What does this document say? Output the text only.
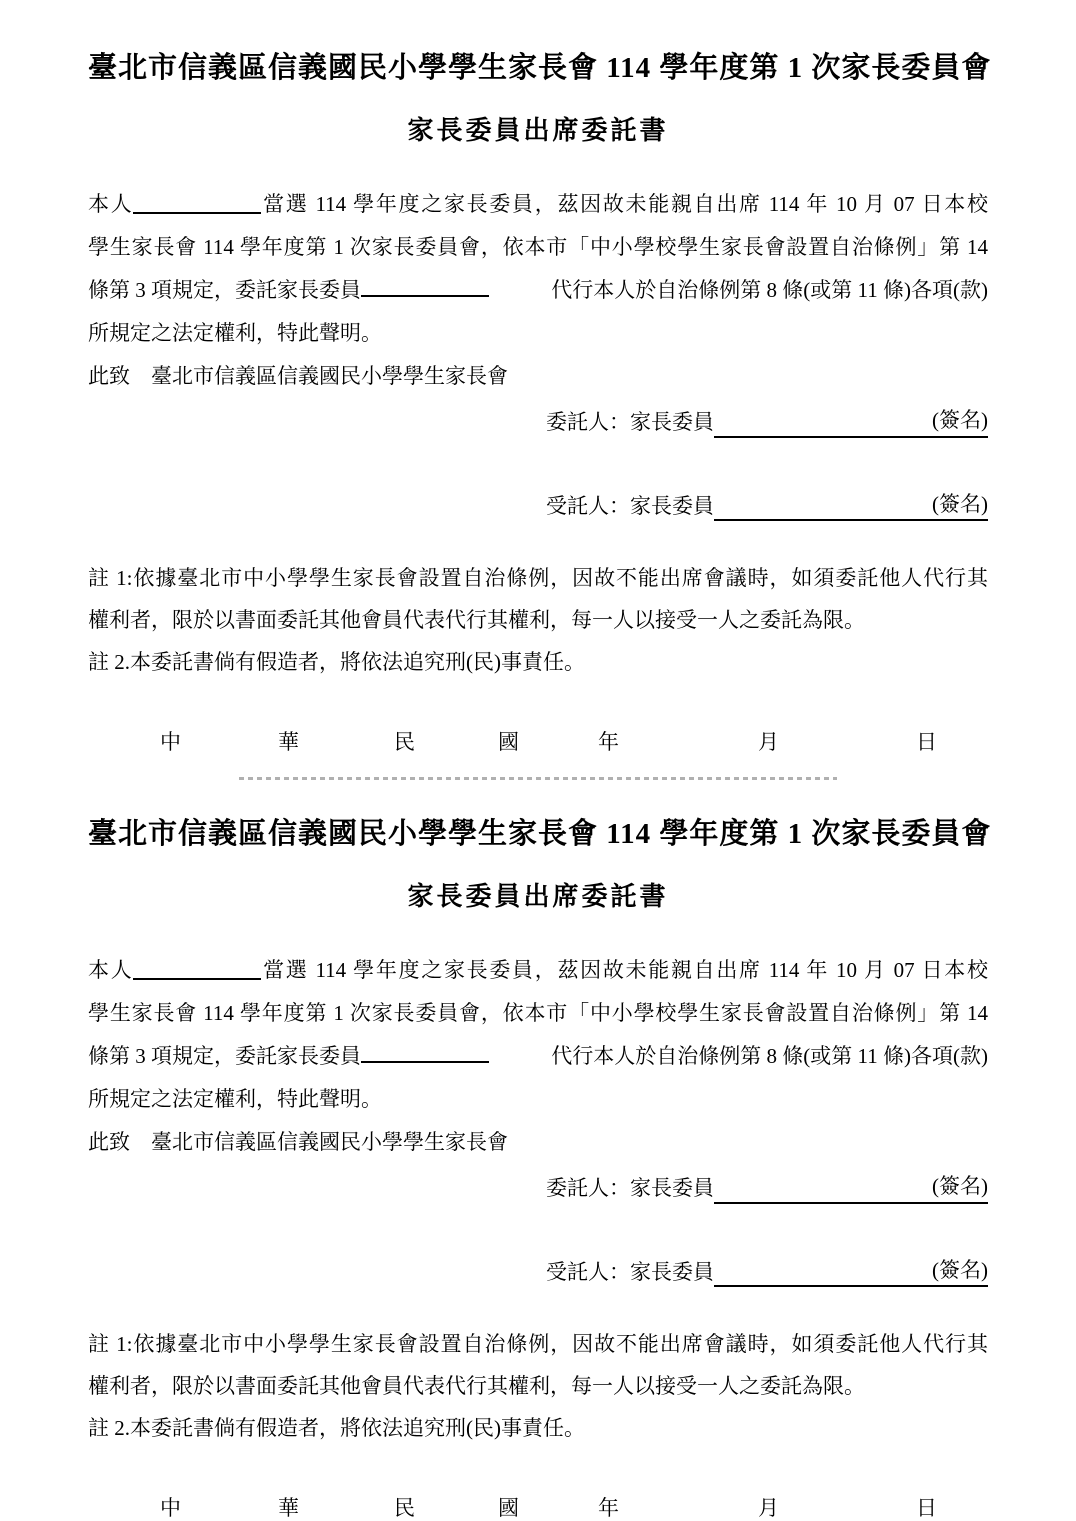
臺北市信義區信義國民小學學生家長會 114 學年度第 1 次家長委員會
家長委員出席委託書
本人	當選 114 學年度之家長委員，茲因故未能親自出席 114 年 10 月 07 日本校
學生家長會 114 學年度第 1 次家長委員會，依本市「中小學校學生家長會設置自治條例」第 14
條第 3 項規定，委託家長委員	代行本人於自治條例第 8 條(或第 11 條)各項(款)
所規定之法定權利，特此聲明。
此致　臺北市信義區信義國民小學學生家長會
委託人：家長委員	(簽名)
受託人：家長委員	(簽名)
註 1:依據臺北市中小學學生家長會設置自治條例，因故不能出席會議時，如須委託他人代行其
權利者，限於以書面委託其他會員代表代行其權利，每一人以接受一人之委託為限。
註 2.本委託書倘有假造者，將依法追究刑(民)事責任。
中	華	民	國	年	月	日
臺北市信義區信義國民小學學生家長會 114 學年度第 1 次家長委員會
家長委員出席委託書
本人	當選 114 學年度之家長委員，茲因故未能親自出席 114 年 10 月 07 日本校
學生家長會 114 學年度第 1 次家長委員會，依本市「中小學校學生家長會設置自治條例」第 14
條第 3 項規定，委託家長委員	代行本人於自治條例第 8 條(或第 11 條)各項(款)
所規定之法定權利，特此聲明。
此致　臺北市信義區信義國民小學學生家長會
委託人：家長委員	(簽名)
受託人：家長委員	(簽名)
註 1:依據臺北市中小學學生家長會設置自治條例，因故不能出席會議時，如須委託他人代行其
權利者，限於以書面委託其他會員代表代行其權利，每一人以接受一人之委託為限。
註 2.本委託書倘有假造者，將依法追究刑(民)事責任。
中	華	民	國	年	月	日
